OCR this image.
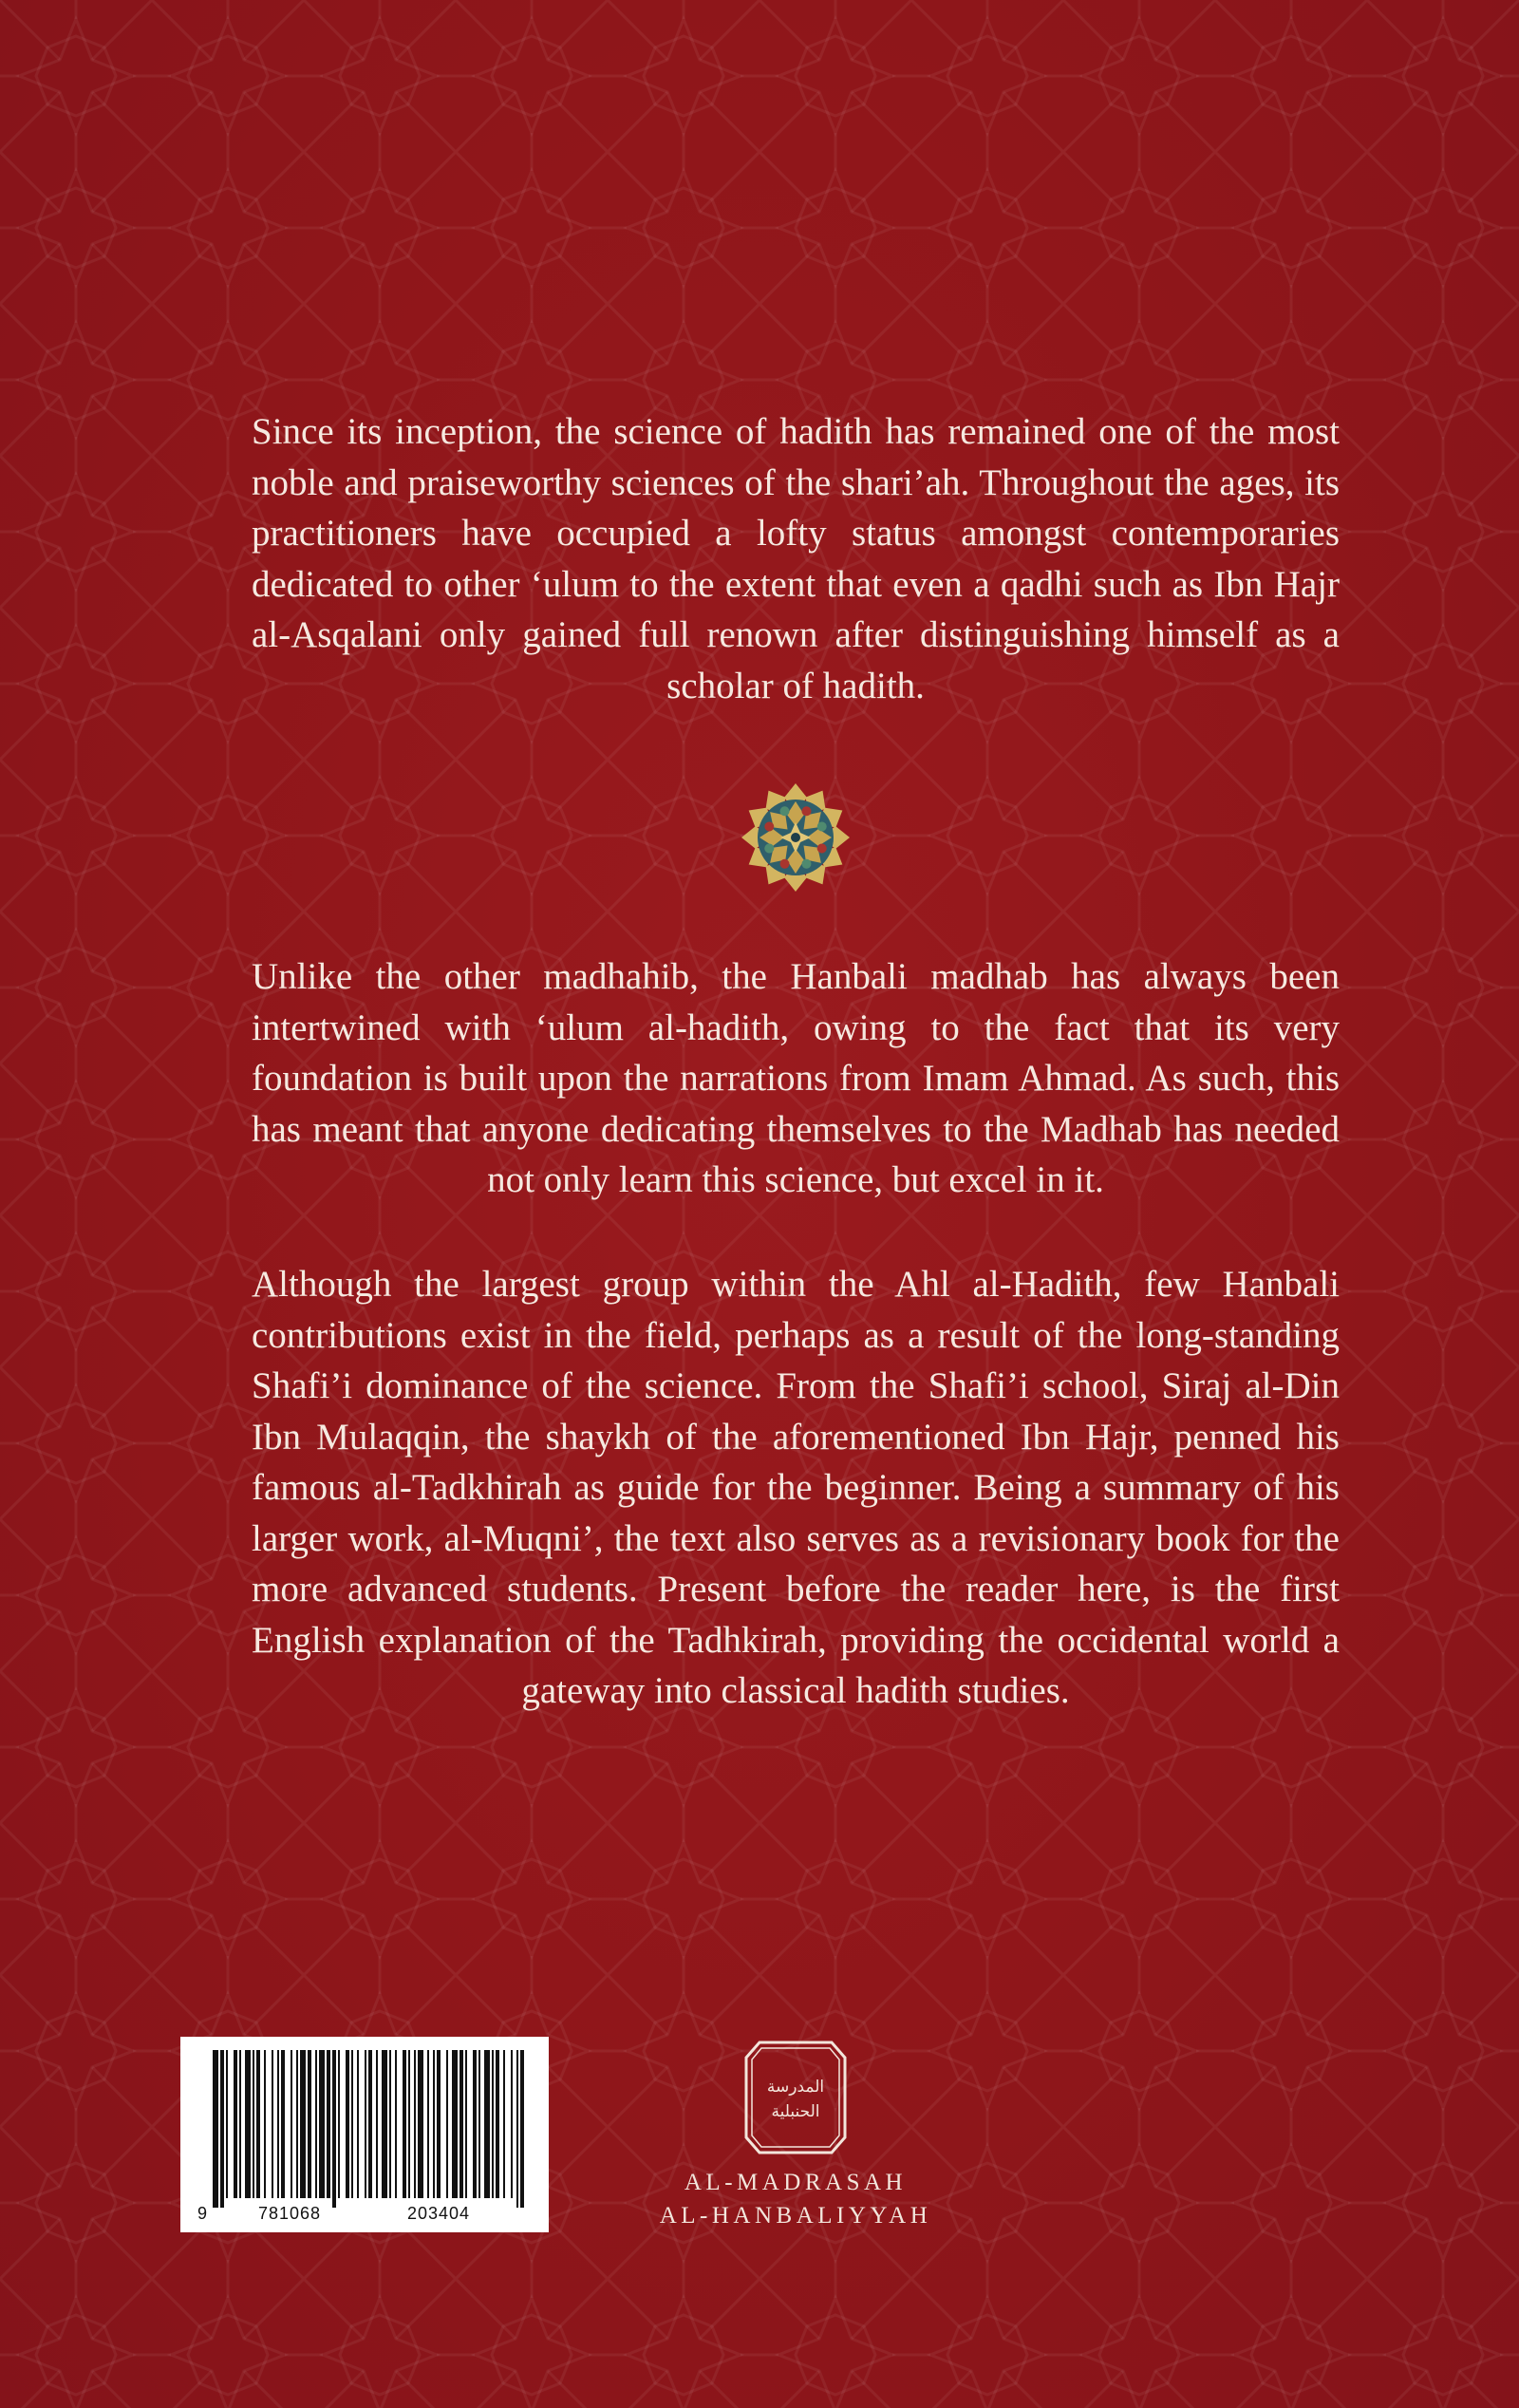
Since its inception, the science of hadith has remained one of the most noble and praiseworthy sciences of the shari’ah. Throughout the ages, its practitioners have occupied a lofty status amongst contemporaries dedicated to other ‘ulum to the extent that even a qadhi such as Ibn Hajr al-Asqalani only gained full renown after distinguishing himself as a scholar of hadith.

Unlike the other madhahib, the Hanbali madhab has always been intertwined with ‘ulum al-hadith, owing to the fact that its very foundation is built upon the narrations from Imam Ahmad. As such, this has meant that anyone dedicating themselves to the Madhab has needed not only learn this science, but excel in it.

Although the largest group within the Ahl al-Hadith, few Hanbali contributions exist in the field, perhaps as a result of the long-standing Shafi’i dominance of the science. From the Shafi’i school, Siraj al-Din Ibn Mulaqqin, the shaykh of the aforementioned Ibn Hajr, penned his famous al-Tadkhirah as guide for the beginner. Being a summary of his larger work, al-Muqni’, the text also serves as a revisionary book for the more advanced students. Present before the reader here, is the first English explanation of the Tadhkirah, providing the occidental world a gateway into classical hadith studies.

9	781068	203404
المدرسة
الحنبلية
AL-MADRASAH
AL-HANBALIYYAH
